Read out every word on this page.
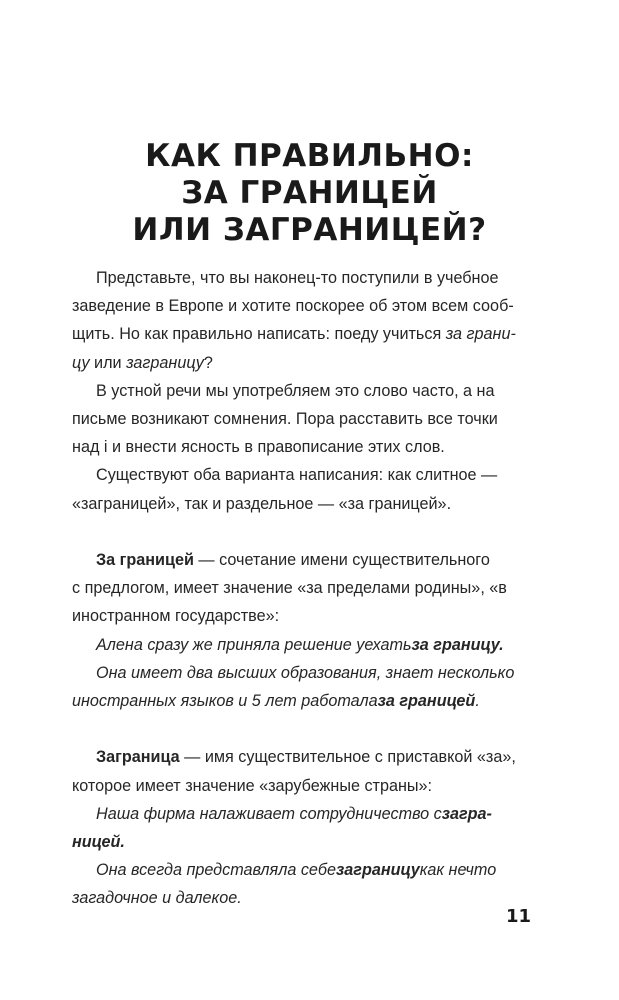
КАК ПРАВИЛЬНО:
ЗА ГРАНИЦЕЙ
ИЛИ ЗАГРАНИЦЕЙ?
Представьте, что вы наконец-то поступили в учебное
заведение в Европе и хотите поскорее об этом всем сооб-
щить. Но как правильно написать: поеду учиться за грани-
цу или заграницу ?
В устной речи мы употребляем это слово часто, а на
письме возникают сомнения. Пора расставить все точки
над і и внести ясность в правописание этих слов.
Существуют оба варианта написания: как слитное —
«заграницей», так и раздельное — «за границей».
За границей — сочетание имени существительного
с предлогом, имеет значение «за пределами родины», «в
иностранном государстве»:
Алена сразу же приняла решение уехать за границу.
Она имеет два высших образования, знает несколько
иностранных языков и 5 лет работала за границей .
Заграница — имя существительное с приставкой «за»,
которое имеет значение «зарубежные страны»:
Наша фирма налаживает сотрудничество с загра-
ницей.
Она всегда представляла себе заграницу как нечто
загадочное и далекое.
11
